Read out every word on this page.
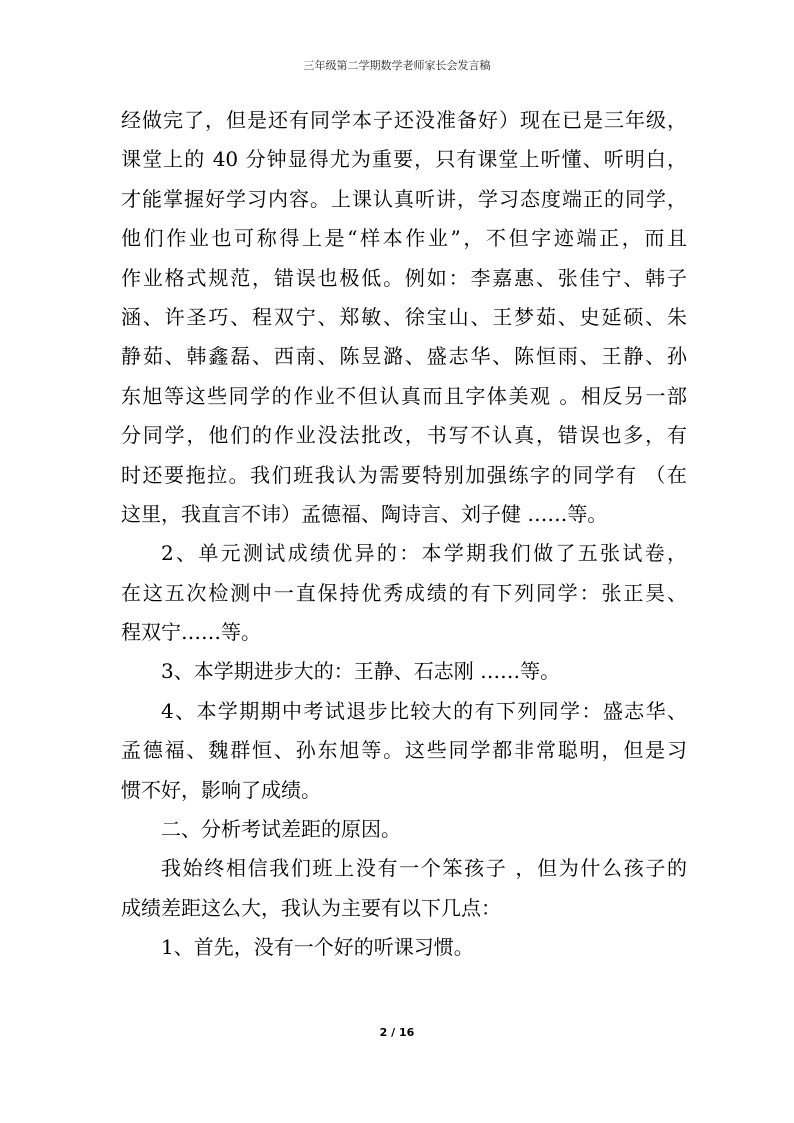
三年级第二学期数学老师家长会发言稿
经做完了，但是还有同学本子还没准备好）现在已是三年级，
课堂上的 40 分钟显得尤为重要，只有课堂上听懂、听明白，
才能掌握好学习内容。上课认真听讲，学习态度端正的同学，
他们作业也可称得上是“样本作业”，不但字迹端正，而且
作业格式规范，错误也极低。例如：李嘉惠、张佳宁、韩子
涵、许圣巧、程双宁、郑敏、徐宝山、王梦茹、史延硕、朱
静茹、韩鑫磊、西南、陈昱潞、盛志华、陈恒雨、王静、孙
东旭等这些同学的作业不但认真而且字体美观 。相反另一部
分同学，他们的作业没法批改，书写不认真，错误也多，有
时还要拖拉。我们班我认为需要特别加强练字的同学有 （在
这里，我直言不讳）孟德福、陶诗言、刘子健 ……等。
2、单元测试成绩优异的：本学期我们做了五张试卷，
在这五次检测中一直保持优秀成绩的有下列同学：张正昊、
程双宁……等。
3、本学期进步大的：王静、石志刚 ……等。
4、本学期期中考试退步比较大的有下列同学：盛志华、
孟德福、魏群恒、孙东旭等。这些同学都非常聪明，但是习
惯不好，影响了成绩。
二、分析考试差距的原因。
我始终相信我们班上没有一个笨孩子 ，但为什么孩子的
成绩差距这么大，我认为主要有以下几点：
1、首先，没有一个好的听课习惯。
2 / 16
